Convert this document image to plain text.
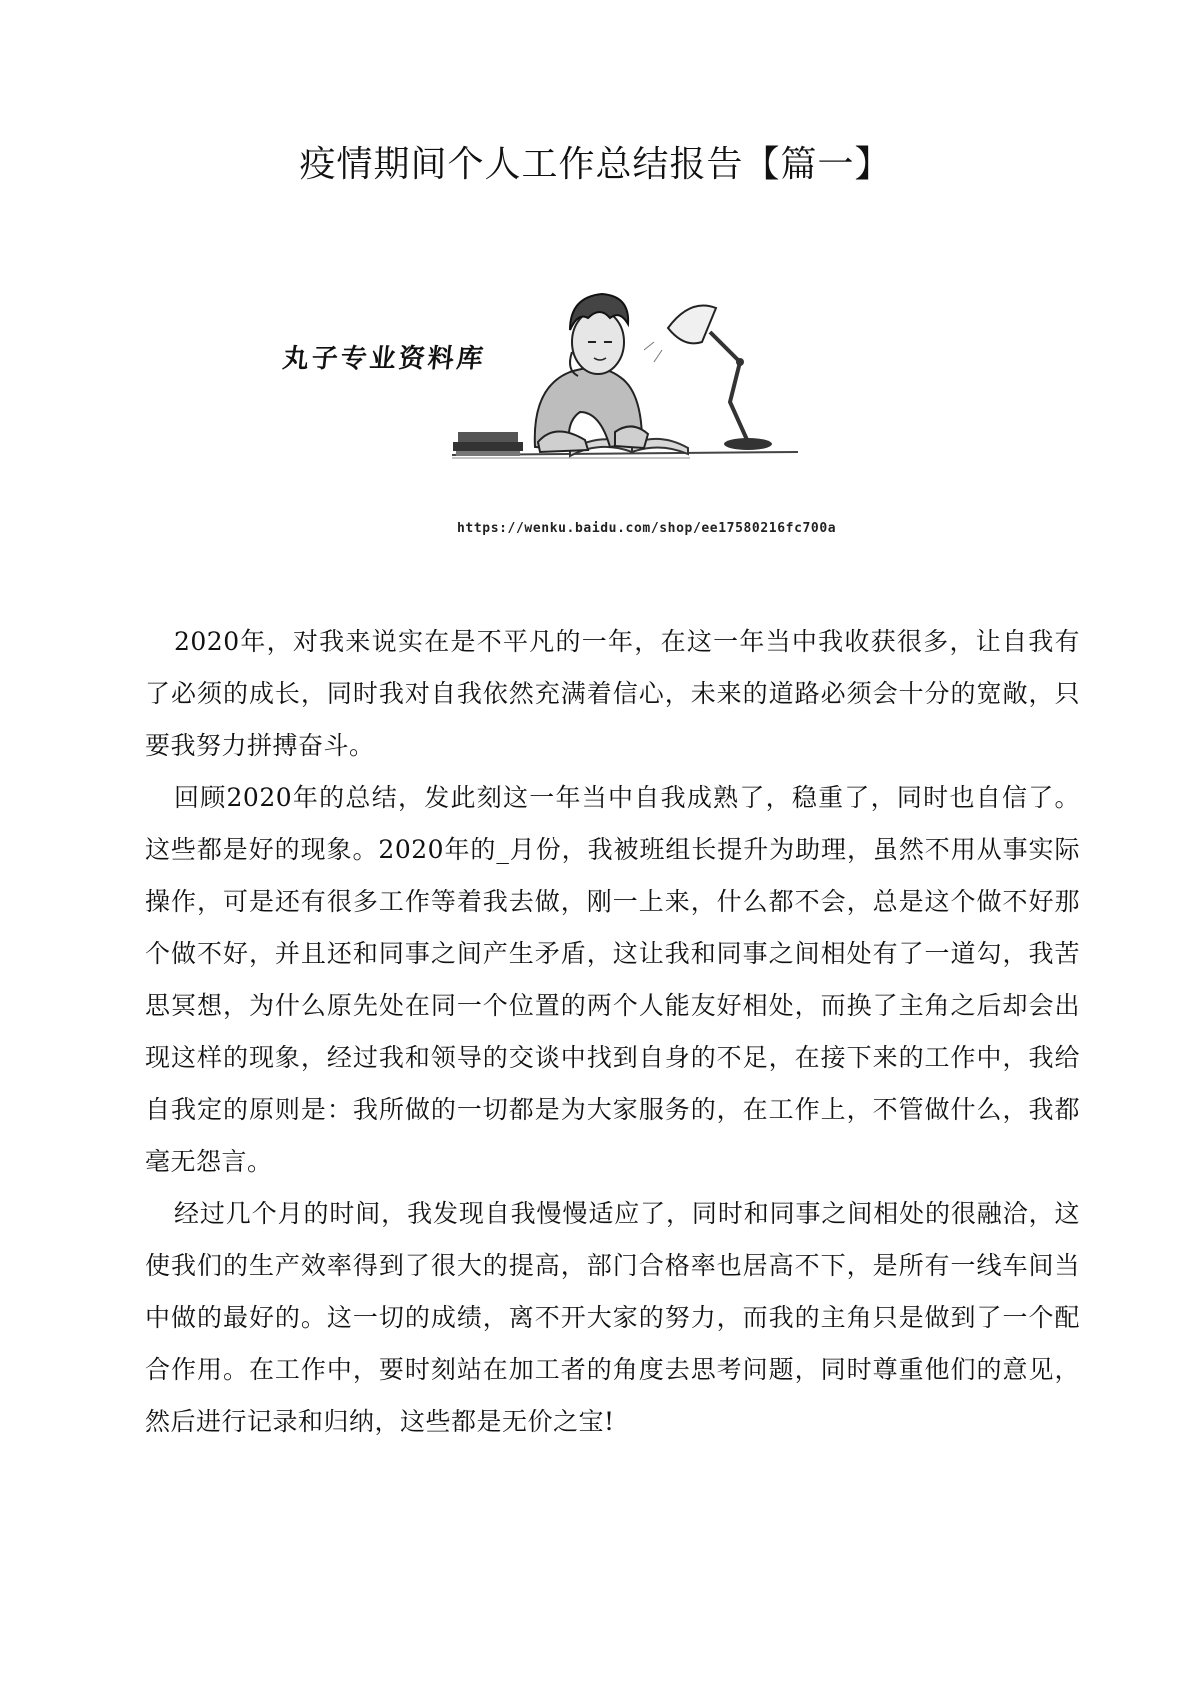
疫情期间个人工作总结报告【篇一】
丸子专业资料库
https://wenku.baidu.com/shop/ee17580216fc700a

2020年，对我来说实在是不平凡的一年，在这一年当中我收获很多，让自我有了必须的成长，同时我对自我依然充满着信心，未来的道路必须会十分的宽敞，只要我努力拼搏奋斗。

回顾2020年的总结，发此刻这一年当中自我成熟了，稳重了，同时也自信了。这些都是好的现象。2020年的_月份，我被班组长提升为助理，虽然不用从事实际操作，可是还有很多工作等着我去做，刚一上来，什么都不会，总是这个做不好那个做不好，并且还和同事之间产生矛盾，这让我和同事之间相处有了一道勾，我苦思冥想，为什么原先处在同一个位置的两个人能友好相处，而换了主角之后却会出现这样的现象，经过我和领导的交谈中找到自身的不足，在接下来的工作中，我给自我定的原则是：我所做的一切都是为大家服务的，在工作上，不管做什么，我都毫无怨言。

经过几个月的时间，我发现自我慢慢适应了，同时和同事之间相处的很融洽，这使我们的生产效率得到了很大的提高，部门合格率也居高不下，是所有一线车间当中做的最好的。这一切的成绩，离不开大家的努力，而我的主角只是做到了一个配合作用。在工作中，要时刻站在加工者的角度去思考问题，同时尊重他们的意见，然后进行记录和归纳，这些都是无价之宝!
